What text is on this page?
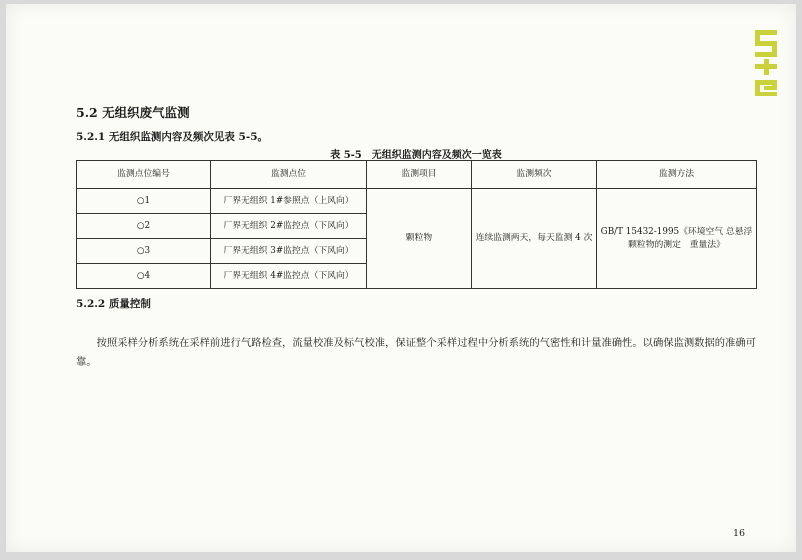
5.2 无组织废气监测
5.2.1 无组织监测内容及频次见表 5-5。
表 5-5　无组织监测内容及频次一览表
监测点位编号	监测点位	监测项目	监测频次	监测方法
○1	厂界无组织 1#参照点（上风向）	颗粒物	连续监测两天，每天监测 4 次	GB/T 15432-1995《环境空气 总悬浮颗粒物的测定　重量法》
○2	厂界无组织 2#监控点（下风向）			
○3	厂界无组织 3#监控点（下风向）			
○4	厂界无组织 4#监控点（下风向）			
5.2.2 质量控制
按照采样分析系统在采样前进行气路检查，流量校准及标气校准，保证整个采样过程中分析系统的气密性和计量准确性。以确保监测数据的准确可靠。
16
